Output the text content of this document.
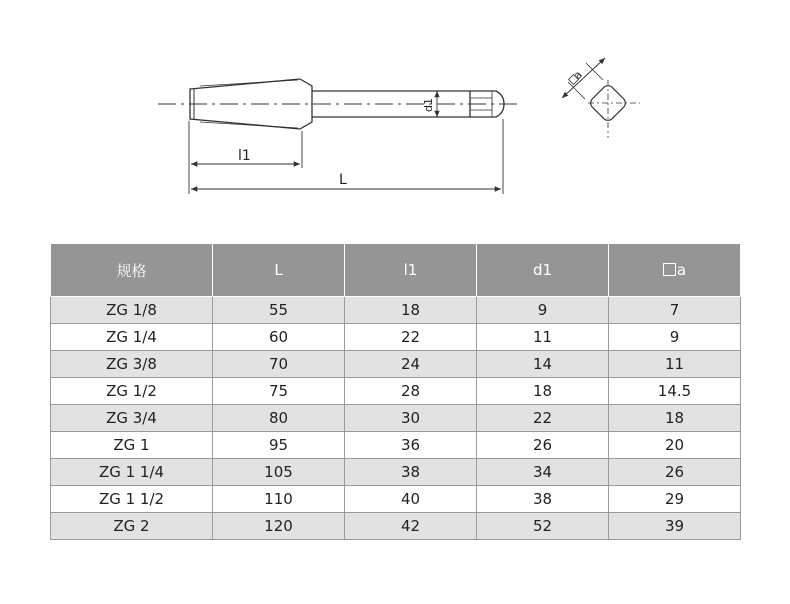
d1
l1
L
a
规格	L	l1	d1	a
ZG 1/8	55	18	9	7
ZG 1/4	60	22	11	9
ZG 3/8	70	24	14	11
ZG 1/2	75	28	18	14.5
ZG 3/4	80	30	22	18
ZG 1	95	36	26	20
ZG 1 1/4	105	38	34	26
ZG 1 1/2	110	40	38	29
ZG 2	120	42	52	39
